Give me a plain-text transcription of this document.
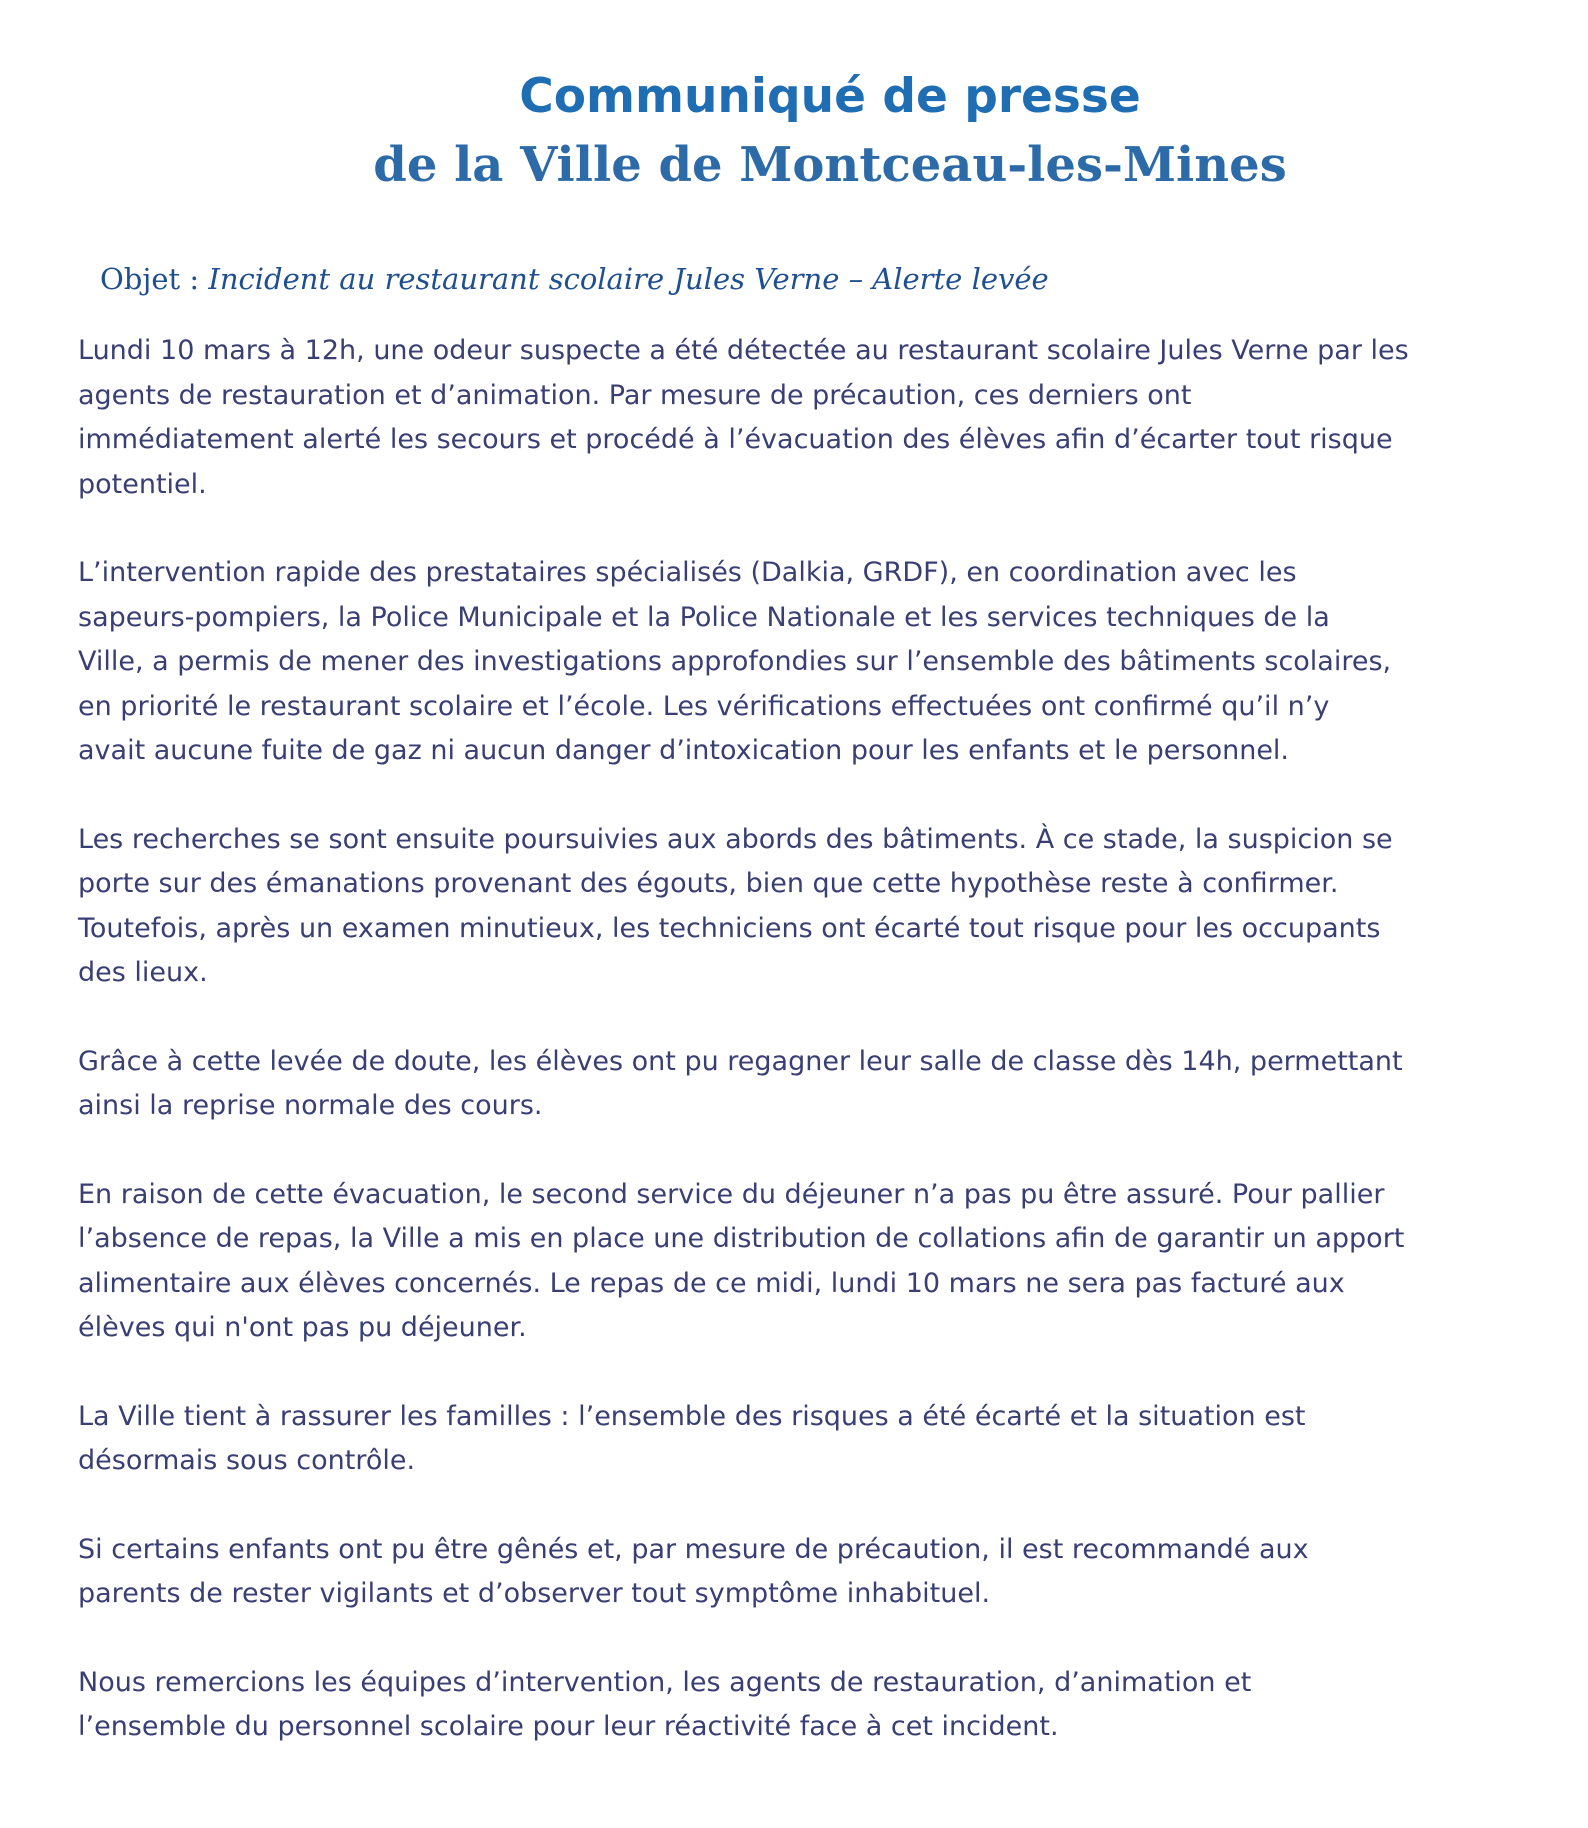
Communiqué de presse
de la Ville de Montceau-les-Mines
Objet : Incident au restaurant scolaire Jules Verne – Alerte levée

Lundi 10 mars à 12h, une odeur suspecte a été détectée au restaurant scolaire Jules Verne par les
agents de restauration et d’animation. Par mesure de précaution, ces derniers ont
immédiatement alerté les secours et procédé à l’évacuation des élèves afin d’écarter tout risque
potentiel.

L’intervention rapide des prestataires spécialisés (Dalkia, GRDF), en coordination avec les
sapeurs-pompiers, la Police Municipale et la Police Nationale et les services techniques de la
Ville, a permis de mener des investigations approfondies sur l’ensemble des bâtiments scolaires,
en priorité le restaurant scolaire et l’école. Les vérifications effectuées ont confirmé qu’il n’y
avait aucune fuite de gaz ni aucun danger d’intoxication pour les enfants et le personnel.

Les recherches se sont ensuite poursuivies aux abords des bâtiments. À ce stade, la suspicion se
porte sur des émanations provenant des égouts, bien que cette hypothèse reste à confirmer.
Toutefois, après un examen minutieux, les techniciens ont écarté tout risque pour les occupants
des lieux.

Grâce à cette levée de doute, les élèves ont pu regagner leur salle de classe dès 14h, permettant
ainsi la reprise normale des cours.

En raison de cette évacuation, le second service du déjeuner n’a pas pu être assuré. Pour pallier
l’absence de repas, la Ville a mis en place une distribution de collations afin de garantir un apport
alimentaire aux élèves concernés. Le repas de ce midi, lundi 10 mars ne sera pas facturé aux
élèves qui n'ont pas pu déjeuner.

La Ville tient à rassurer les familles : l’ensemble des risques a été écarté et la situation est
désormais sous contrôle.

Si certains enfants ont pu être gênés et, par mesure de précaution, il est recommandé aux
parents de rester vigilants et d’observer tout symptôme inhabituel.

Nous remercions les équipes d’intervention, les agents de restauration, d’animation et
l’ensemble du personnel scolaire pour leur réactivité face à cet incident.
